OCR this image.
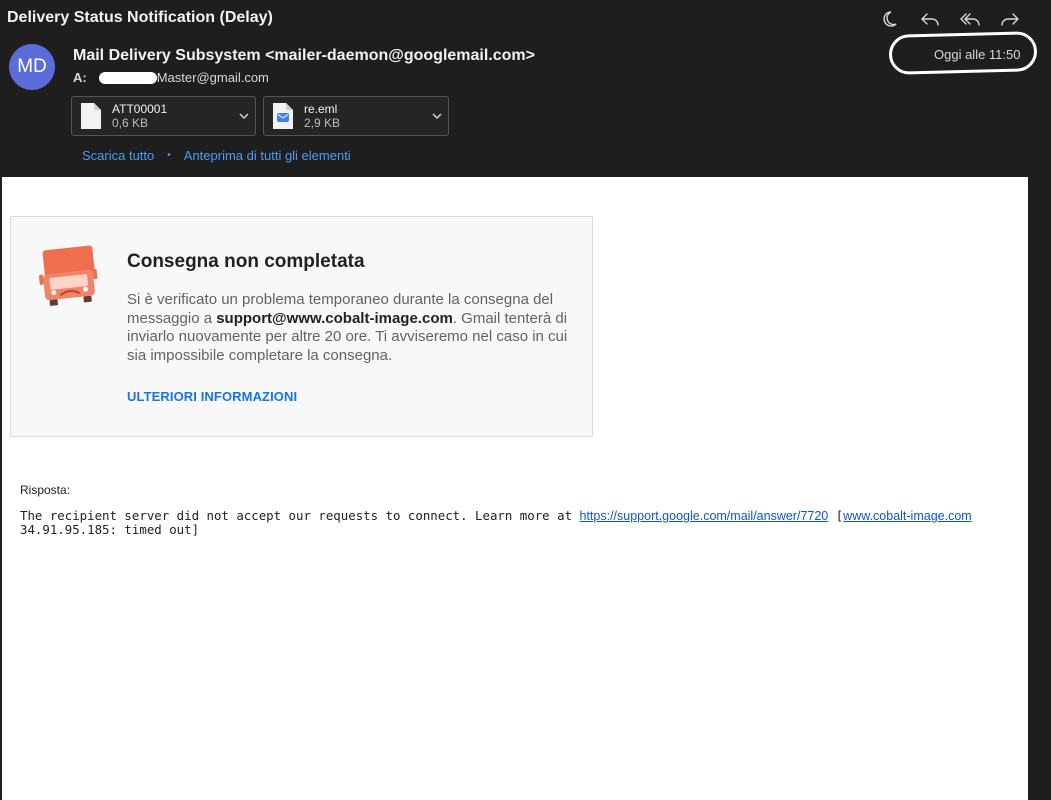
Delivery Status Notification (Delay)
MD
Mail Delivery Subsystem <mailer-daemon@googlemail.com>
A:	Master@gmail.com
Oggi alle 11:50
ATT00001
0,6 KB
re.eml
2,9 KB
Scarica tutto • Anteprima di tutti gli elementi
Consegna non completata
Si è verificato un problema temporaneo durante la consegna del messaggio a support@www.cobalt-image.com. Gmail tenterà di inviarlo nuovamente per altre 20 ore. Ti avviseremo nel caso in cui sia impossibile completare la consegna.
ULTERIORI INFORMAZIONI
Risposta:
The recipient server did not accept our requests to connect. Learn more at https://support.google.com/mail/answer/7720 [www.cobalt-image.com
34.91.95.185: timed out]
